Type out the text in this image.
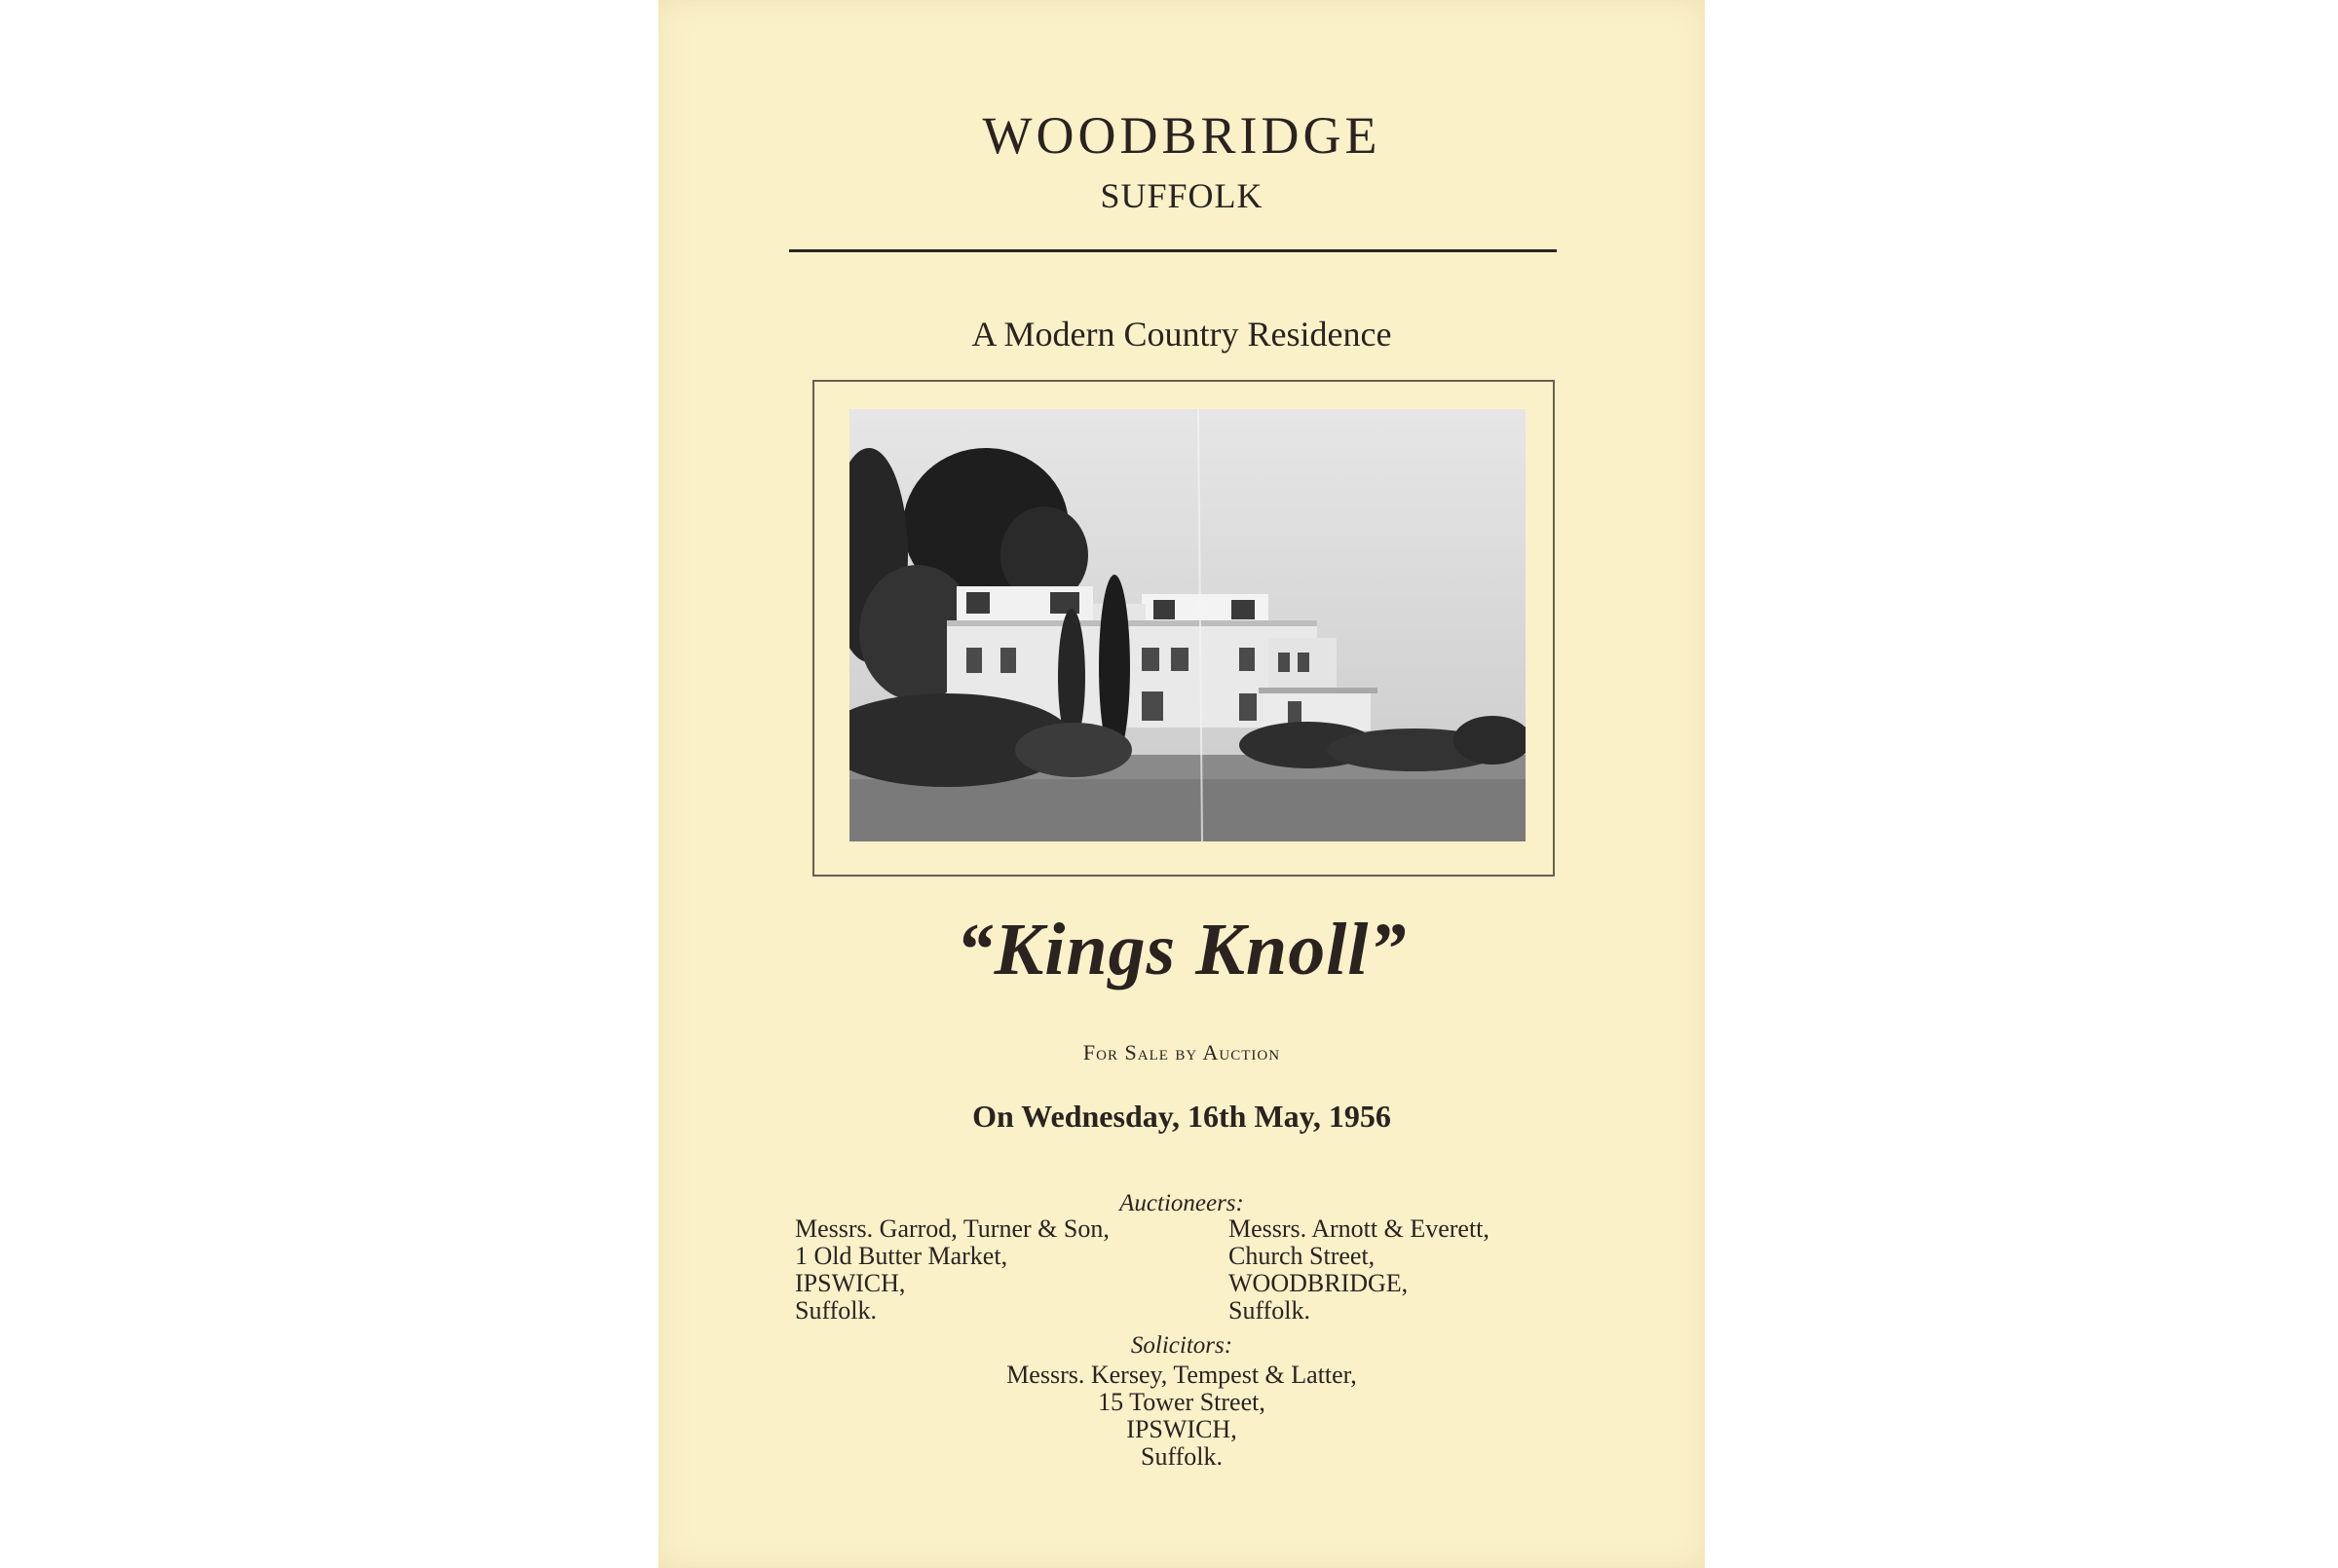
WOODBRIDGE
SUFFOLK
A Modern Country Residence
“Kings Knoll”
For Sale by Auction
On Wednesday, 16th May, 1956
Auctioneers:
Messrs. Garrod, Turner & Son,
1 Old Butter Market,
IPSWICH,
Suffolk.
Messrs. Arnott & Everett,
Church Street,
WOODBRIDGE,
Suffolk.
Solicitors:
Messrs. Kersey, Tempest & Latter,
15 Tower Street,
IPSWICH,
Suffolk.
